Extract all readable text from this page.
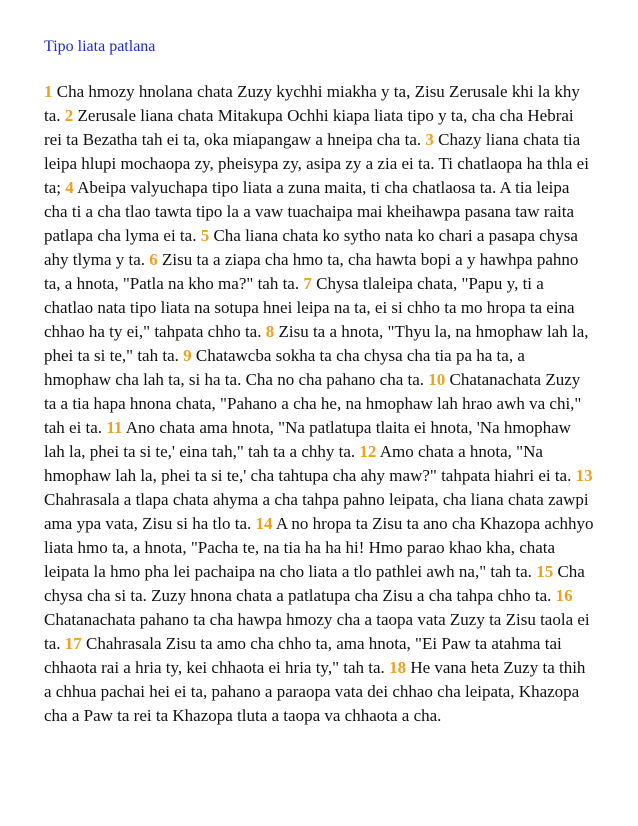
Tipo liata patlana

1 Cha hmozy hnolana chata Zuzy kychhi miakha y ta, Zisu Zerusale khi la khy ta. 2 Zerusale liana chata Mitakupa Ochhi kiapa liata tipo y ta, cha cha Hebrai rei ta Bezatha tah ei ta, oka miapangaw a hneipa cha ta. 3 Chazy liana chata tia leipa hlupi mochaopa zy, pheisypa zy, asipa zy a zia ei ta. Ti chatlaopa ha thla ei ta; 4 Abeipa valyuchapa tipo liata a zuna maita, ti cha chatlaosa ta. A tia leipa cha ti a cha tlao tawta tipo la a vaw tuachaipa mai kheihawpa pasana taw raita patlapa cha lyma ei ta. 5 Cha liana chata ko sytho nata ko chari a pasapa chysa ahy tlyma y ta. 6 Zisu ta a ziapa cha hmo ta, cha hawta bopi a y hawhpa pahno ta, a hnota, "Patla na kho ma?" tah ta. 7 Chysa tlaleipa chata, "Papu y, ti a chatlao nata tipo liata na sotupa hnei leipa na ta, ei si chho ta mo hropa ta eina chhao ha ty ei," tahpata chho ta. 8 Zisu ta a hnota, "Thyu la, na hmophaw lah la, phei ta si te," tah ta. 9 Chatawcba sokha ta cha chysa cha tia pa ha ta, a hmophaw cha lah ta, si ha ta. Cha no cha pahano cha ta. 10 Chatanachata Zuzy ta a tia hapa hnona chata, "Pahano a cha he, na hmophaw lah hrao awh va chi," tah ei ta. 11 Ano chata ama hnota, "Na patlatupa tlaita ei hnota, 'Na hmophaw lah la, phei ta si te,' eina tah," tah ta a chhy ta. 12 Amo chata a hnota, "Na hmophaw lah la, phei ta si te,' cha tahtupa cha ahy maw?" tahpata hiahri ei ta. 13 Chahrasala a tlapa chata ahyma a cha tahpa pahno leipata, cha liana chata zawpi ama ypa vata, Zisu si ha tlo ta. 14 A no hropa ta Zisu ta ano cha Khazopa achhyo liata hmo ta, a hnota, "Pacha te, na tia ha ha hi! Hmo parao khao kha, chata leipata la hmo pha lei pachaipa na cho liata a tlo pathlei awh na," tah ta. 15 Cha chysa cha si ta. Zuzy hnona chata a patlatupa cha Zisu a cha tahpa chho ta. 16 Chatanachata pahano ta cha hawpa hmozy cha a taopa vata Zuzy ta Zisu taola ei ta. 17 Chahrasala Zisu ta amo cha chho ta, ama hnota, "Ei Paw ta atahma tai chhaota rai a hria ty, kei chhaota ei hria ty," tah ta. 18 He vana heta Zuzy ta thih a chhua pachai hei ei ta, pahano a paraopa vata dei chhao cha leipata, Khazopa cha a Paw ta rei ta Khazopa tluta a taopa va chhaota a cha.
